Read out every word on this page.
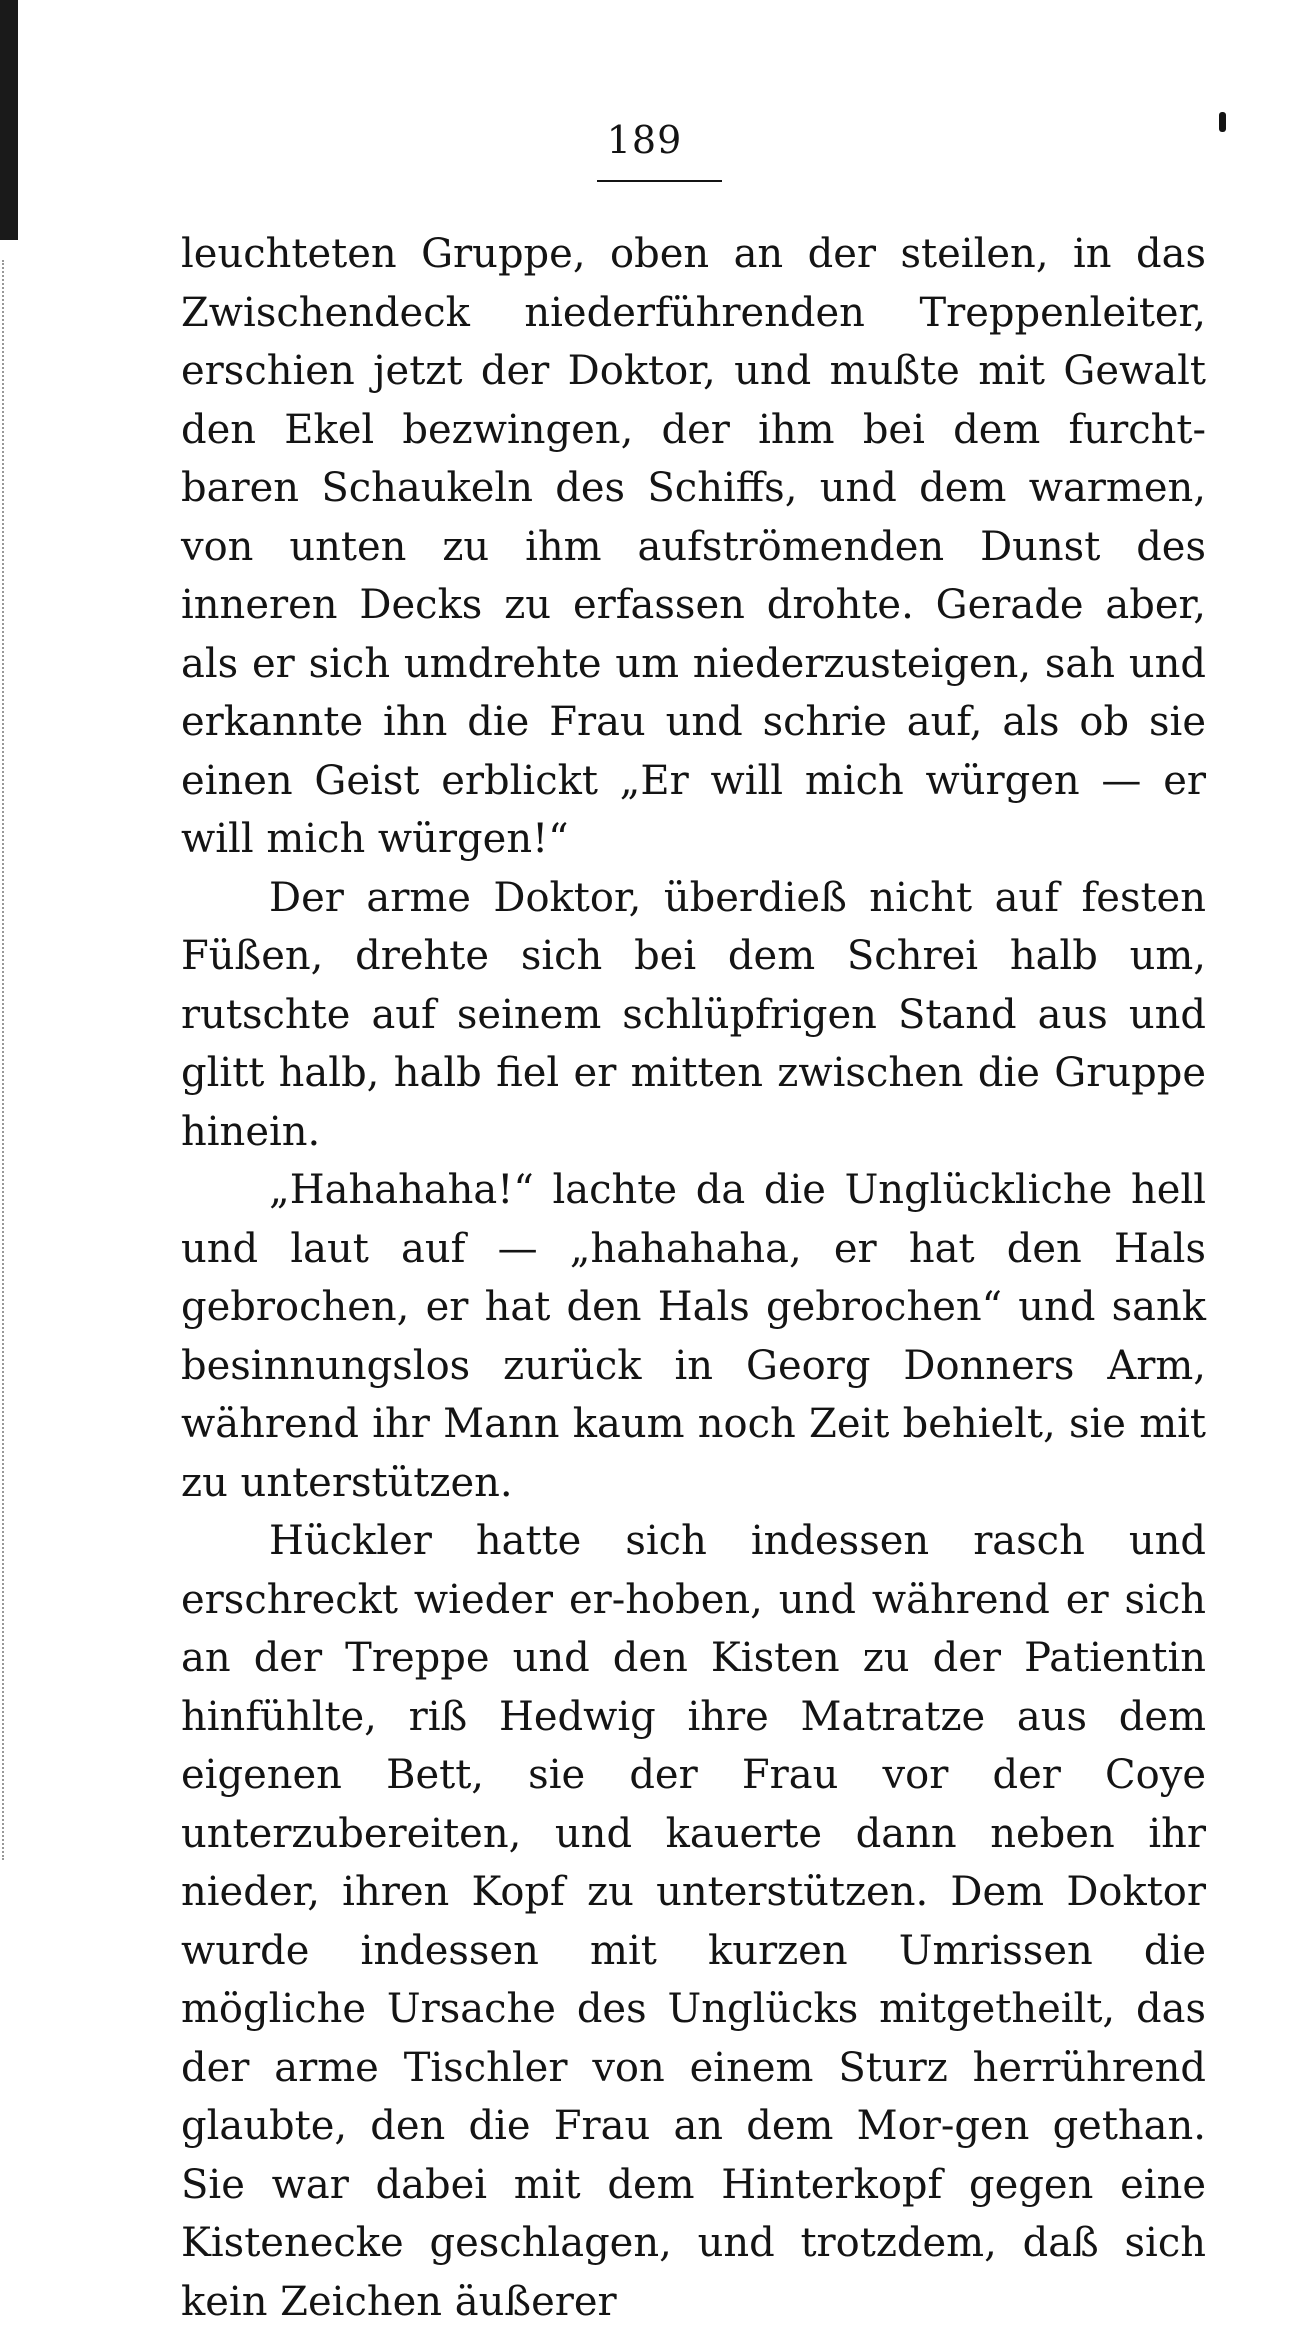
189

leuchteten Gruppe, oben an der steilen, in das Zwischendeck niederführenden Treppenleiter, erschien jetzt der Doktor, und mußte mit Gewalt den Ekel bezwingen, der ihm bei dem furcht-baren Schaukeln des Schiffs, und dem warmen, von unten zu ihm aufströmenden Dunst des inneren Decks zu erfassen drohte. Gerade aber, als er sich umdrehte um niederzusteigen, sah und erkannte ihn die Frau und schrie auf, als ob sie einen Geist erblickt „Er will mich würgen — er will mich würgen!“

Der arme Doktor, überdieß nicht auf festen Füßen, drehte sich bei dem Schrei halb um, rutschte auf seinem schlüpfrigen Stand aus und glitt halb, halb fiel er mitten zwischen die Gruppe hinein.

„Hahahaha!“ lachte da die Unglückliche hell und laut auf — „hahahaha, er hat den Hals gebrochen, er hat den Hals gebrochen“ und sank besinnungslos zurück in Georg Donners Arm, während ihr Mann kaum noch Zeit behielt, sie mit zu unterstützen.

Hückler hatte sich indessen rasch und erschreckt wieder er-hoben, und während er sich an der Treppe und den Kisten zu der Patientin hinfühlte, riß Hedwig ihre Matratze aus dem eigenen Bett, sie der Frau vor der Coye unterzubereiten, und kauerte dann neben ihr nieder, ihren Kopf zu unterstützen. Dem Doktor wurde indessen mit kurzen Umrissen die mögliche Ursache des Unglücks mitgetheilt, das der arme Tischler von einem Sturz herrührend glaubte, den die Frau an dem Mor-gen gethan. Sie war dabei mit dem Hinterkopf gegen eine Kistenecke geschlagen, und trotzdem, daß sich kein Zeichen äußerer
